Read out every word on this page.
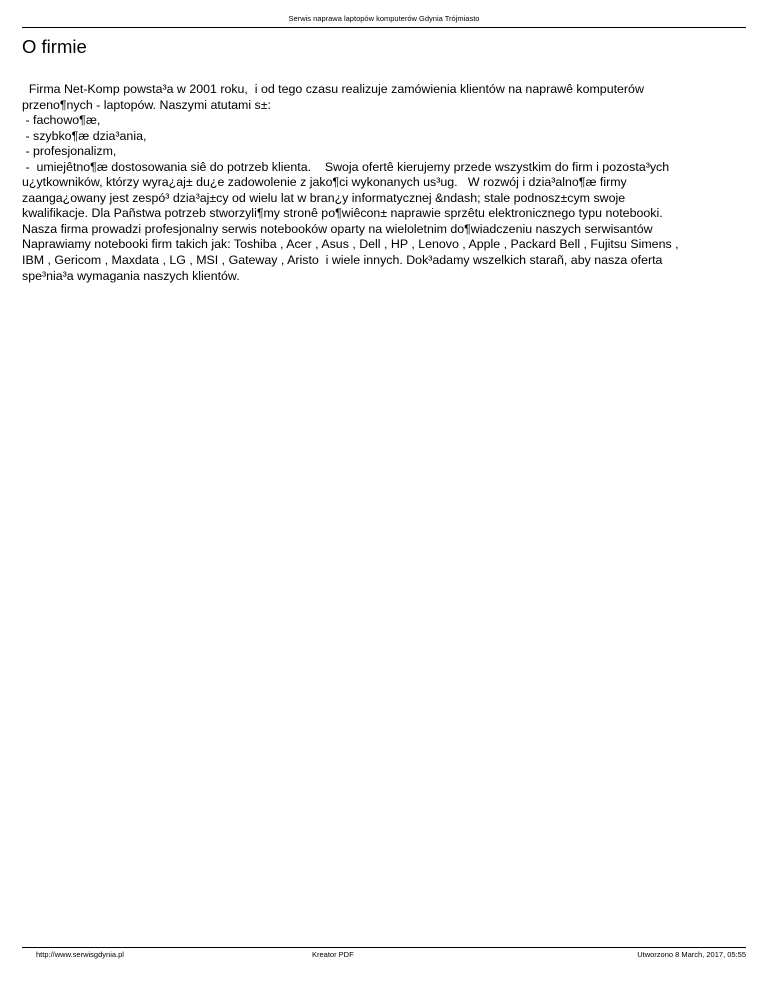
Serwis naprawa laptopów komputerów Gdynia Trójmiasto
O firmie
Firma Net-Komp powsta³a w 2001 roku,  i od tego czasu realizuje zamówienia klientów na naprawê komputerów
przeno¶nych - laptopów. Naszymi atutami s±:
- fachowo¶æ,
- szybko¶æ dzia³ania,
- profesjonalizm,
-  umiejêtno¶æ dostosowania siê do potrzeb klienta.    Swoja ofertê kierujemy przede wszystkim do firm i pozosta³ych
u¿ytkowników, którzy wyra¿aj± du¿e zadowolenie z jako¶ci wykonanych us³ug.   W rozwój i dzia³alno¶æ firmy
zaanga¿owany jest zespó³ dzia³aj±cy od wielu lat w bran¿y informatycznej &ndash; stale podnosz±cym swoje
kwalifikacje. Dla Pañstwa potrzeb stworzyli¶my stronê po¶wiêcon± naprawie sprzêtu elektronicznego typu notebooki.
Nasza firma prowadzi profesjonalny serwis notebooków oparty na wieloletnim do¶wiadczeniu naszych serwisantów
Naprawiamy notebooki firm takich jak: Toshiba , Acer , Asus , Dell , HP , Lenovo , Apple , Packard Bell , Fujitsu Simens ,
IBM , Gericom , Maxdata , LG , MSI , Gateway , Aristo  i wiele innych. Dok³adamy wszelkich starañ, aby nasza oferta
spe³nia³a wymagania naszych klientów.
http://www.serwisgdynia.pl	Kreator PDF	Utworzono 8 March, 2017, 05:55
